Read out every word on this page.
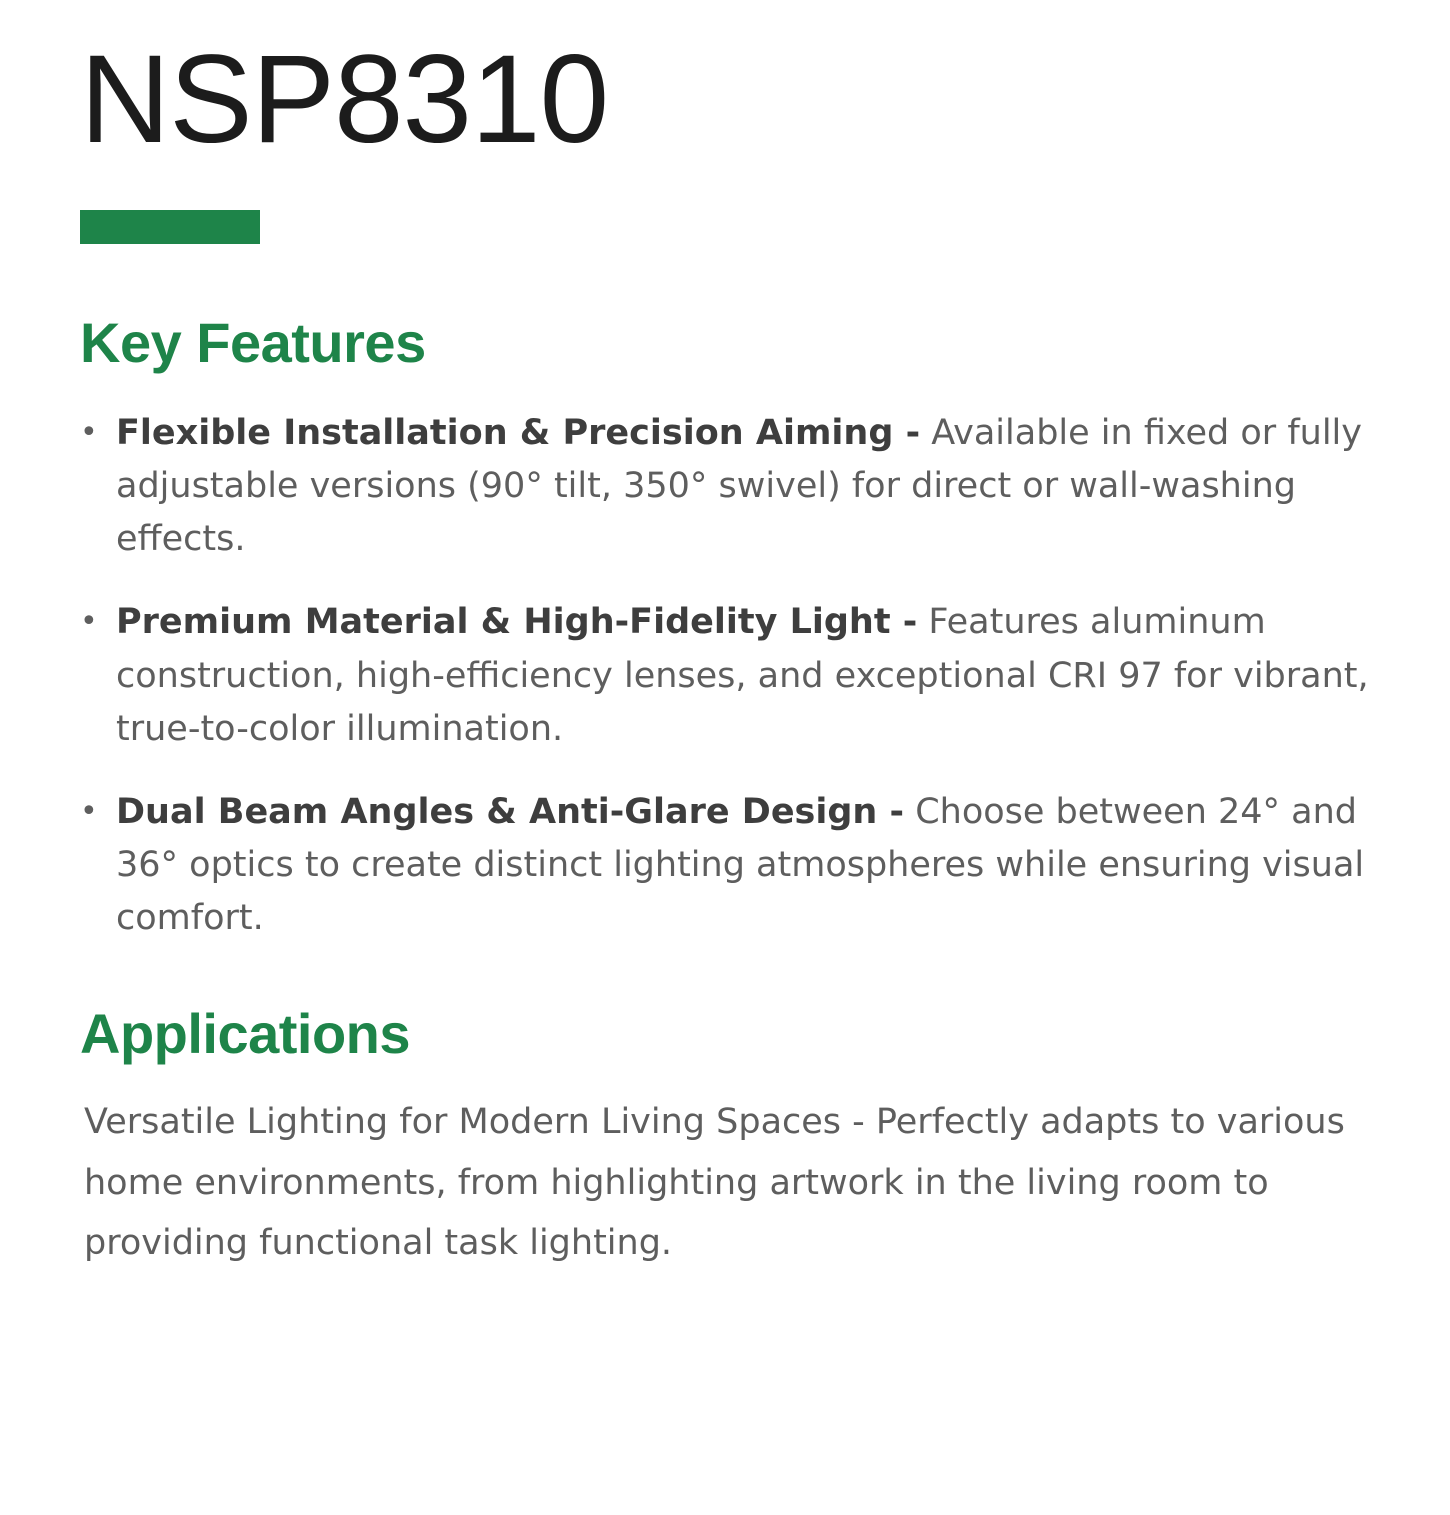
NSP8310
Key Features
• Flexible Installation & Precision Aiming - Available in fixed or fully adjustable versions (90° tilt, 350° swivel) for direct or wall-washing effects.
• Premium Material & High-Fidelity Light - Features aluminum construction, high-efficiency lenses, and exceptional CRI 97 for vibrant, true-to-color illumination.
• Dual Beam Angles & Anti-Glare Design - Choose between 24° and 36° optics to create distinct lighting atmospheres while ensuring visual comfort.
Applications

Versatile Lighting for Modern Living Spaces - Perfectly adapts to various home environments, from highlighting artwork in the living room to providing functional task lighting.
